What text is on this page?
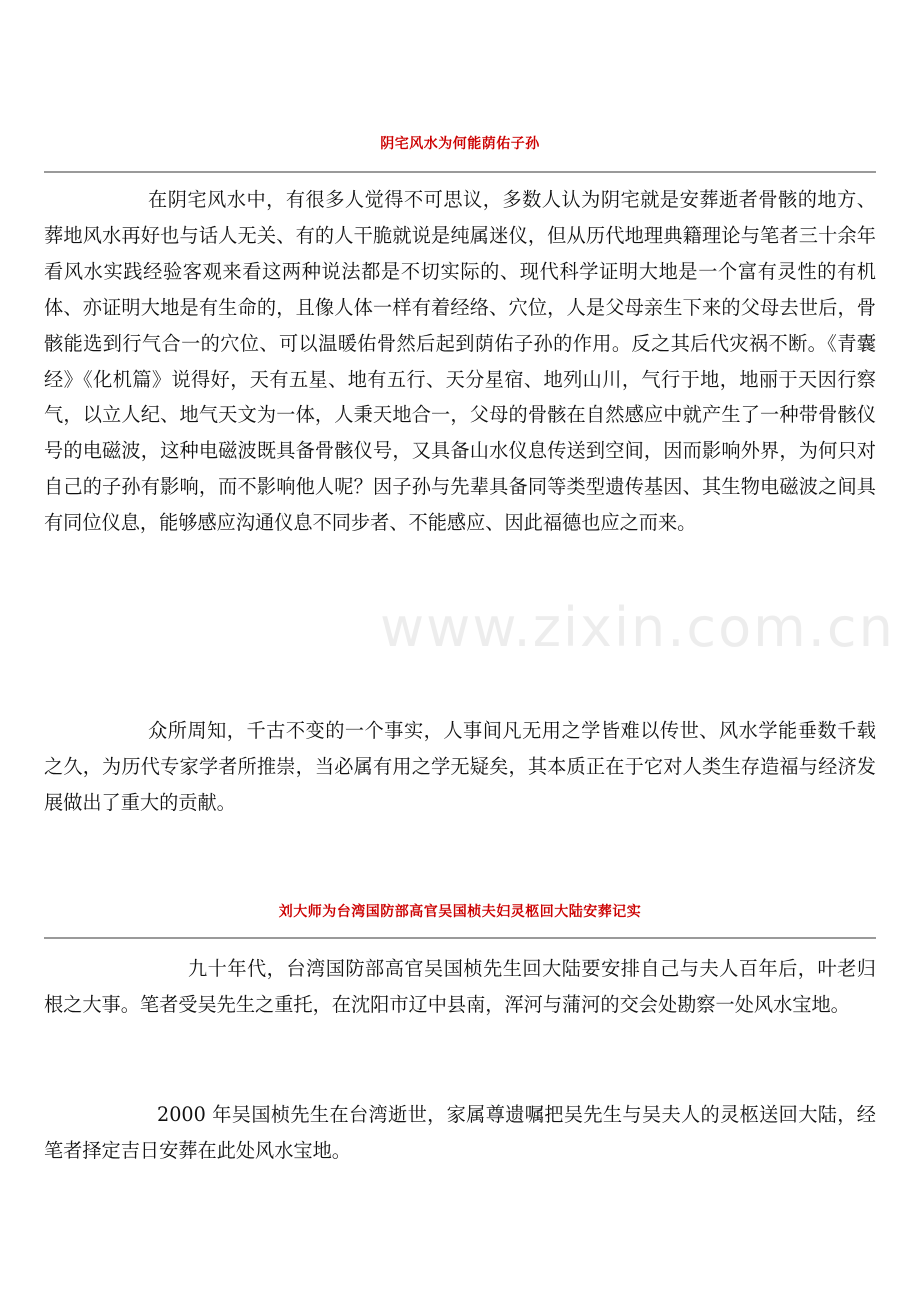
阴宅风水为何能荫佑子孙

在阴宅风水中，有很多人觉得不可思议，多数人认为阴宅就是安葬逝者骨骸的地方、葬地风水再好也与话人无关、有的人干脆就说是纯属迷仪，但从历代地理典籍理论与笔者三十余年看风水实践经验客观来看这两种说法都是不切实际的、现代科学证明大地是一个富有灵性的有机体、亦证明大地是有生命的，且像人体一样有着经络、穴位，人是父母亲生下来的父母去世后，骨骸能选到行气合一的穴位、可以温暖佑骨然后起到荫佑子孙的作用。反之其后代灾祸不断。《青囊经》《化机篇》说得好，天有五星、地有五行、天分星宿、地列山川，气行于地，地丽于天因行察气，以立人纪、地气天文为一体，人秉天地合一，父母的骨骸在自然感应中就产生了一种带骨骸仪号的电磁波，这种电磁波既具备骨骸仪号，又具备山水仪息传送到空间，因而影响外界，为何只对自己的子孙有影响，而不影响他人呢？因子孙与先辈具备同等类型遗传基因、其生物电磁波之间具有同位仪息，能够感应沟通仪息不同步者、不能感应、因此福德也应之而来。

众所周知，千古不变的一个事实，人事间凡无用之学皆难以传世、风水学能垂数千载之久，为历代专家学者所推崇，当必属有用之学无疑矣，其本质正在于它对人类生存造福与经济发展做出了重大的贡献。

刘大师为台湾国防部高官吴国桢夫妇灵柩回大陆安葬记实

九十年代，台湾国防部高官吴国桢先生回大陆要安排自己与夫人百年后，叶老归根之大事。笔者受吴先生之重托，在沈阳市辽中县南，浑河与蒲河的交会处勘察一处风水宝地。

2000 年吴国桢先生在台湾逝世，家属尊遗嘱把吴先生与吴夫人的灵柩送回大陆，经笔者择定吉日安葬在此处风水宝地。

www.zixin.com.cn
